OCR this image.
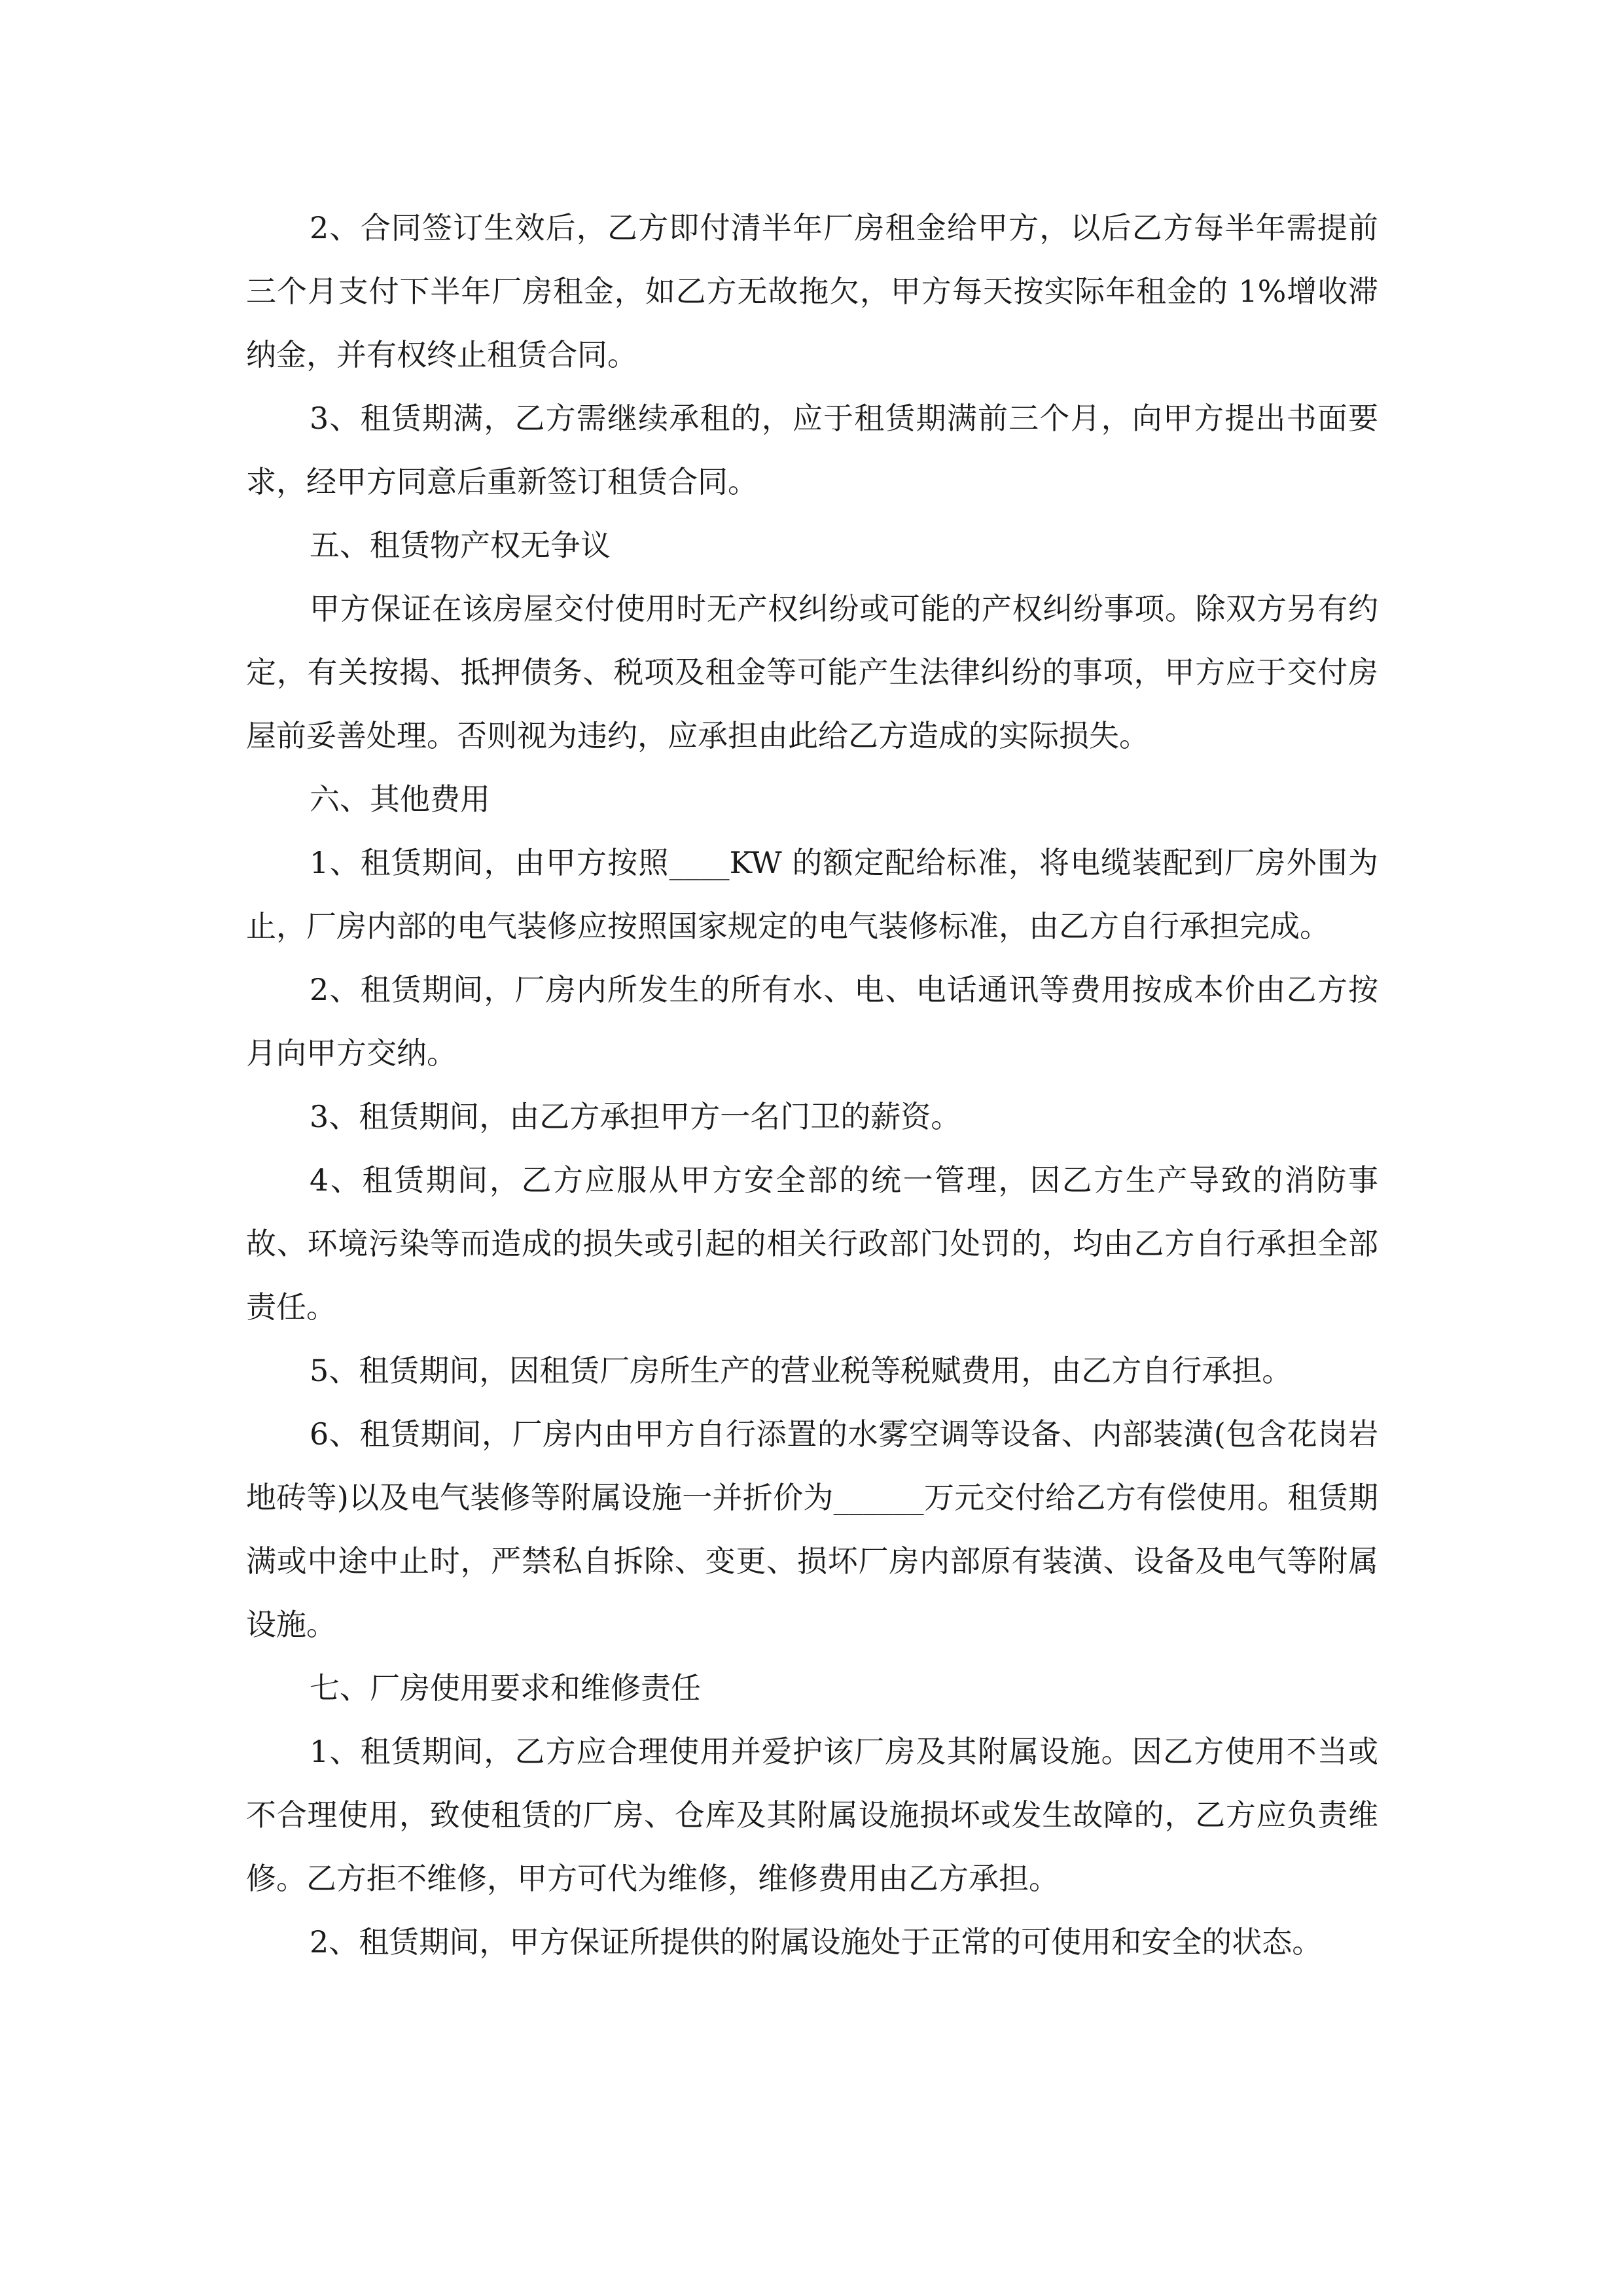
2、合同签订生效后，乙方即付清半年厂房租金给甲方，以后乙方每半年需提前三个月支付下半年厂房租金，如乙方无故拖欠，甲方每天按实际年租金的 1%增收滞纳金，并有权终止租赁合同。

3、租赁期满，乙方需继续承租的，应于租赁期满前三个月，向甲方提出书面要求，经甲方同意后重新签订租赁合同。

五、租赁物产权无争议

甲方保证在该房屋交付使用时无产权纠纷或可能的产权纠纷事项。除双方另有约定，有关按揭、抵押债务、税项及租金等可能产生法律纠纷的事项，甲方应于交付房屋前妥善处理。否则视为违约，应承担由此给乙方造成的实际损失。

六、其他费用

1、租赁期间，由甲方按照____KW 的额定配给标准，将电缆装配到厂房外围为止，厂房内部的电气装修应按照国家规定的电气装修标准，由乙方自行承担完成。

2、租赁期间，厂房内所发生的所有水、电、电话通讯等费用按成本价由乙方按月向甲方交纳。

3、租赁期间，由乙方承担甲方一名门卫的薪资。

4、租赁期间，乙方应服从甲方安全部的统一管理，因乙方生产导致的消防事故、环境污染等而造成的损失或引起的相关行政部门处罚的，均由乙方自行承担全部责任。

5、租赁期间，因租赁厂房所生产的营业税等税赋费用，由乙方自行承担。

6、租赁期间，厂房内由甲方自行添置的水雾空调等设备、内部装潢(包含花岗岩地砖等)以及电气装修等附属设施一并折价为______万元交付给乙方有偿使用。租赁期满或中途中止时，严禁私自拆除、变更、损坏厂房内部原有装潢、设备及电气等附属设施。

七、厂房使用要求和维修责任

1、租赁期间，乙方应合理使用并爱护该厂房及其附属设施。因乙方使用不当或不合理使用，致使租赁的厂房、仓库及其附属设施损坏或发生故障的，乙方应负责维修。乙方拒不维修，甲方可代为维修，维修费用由乙方承担。

2、租赁期间，甲方保证所提供的附属设施处于正常的可使用和安全的状态。
